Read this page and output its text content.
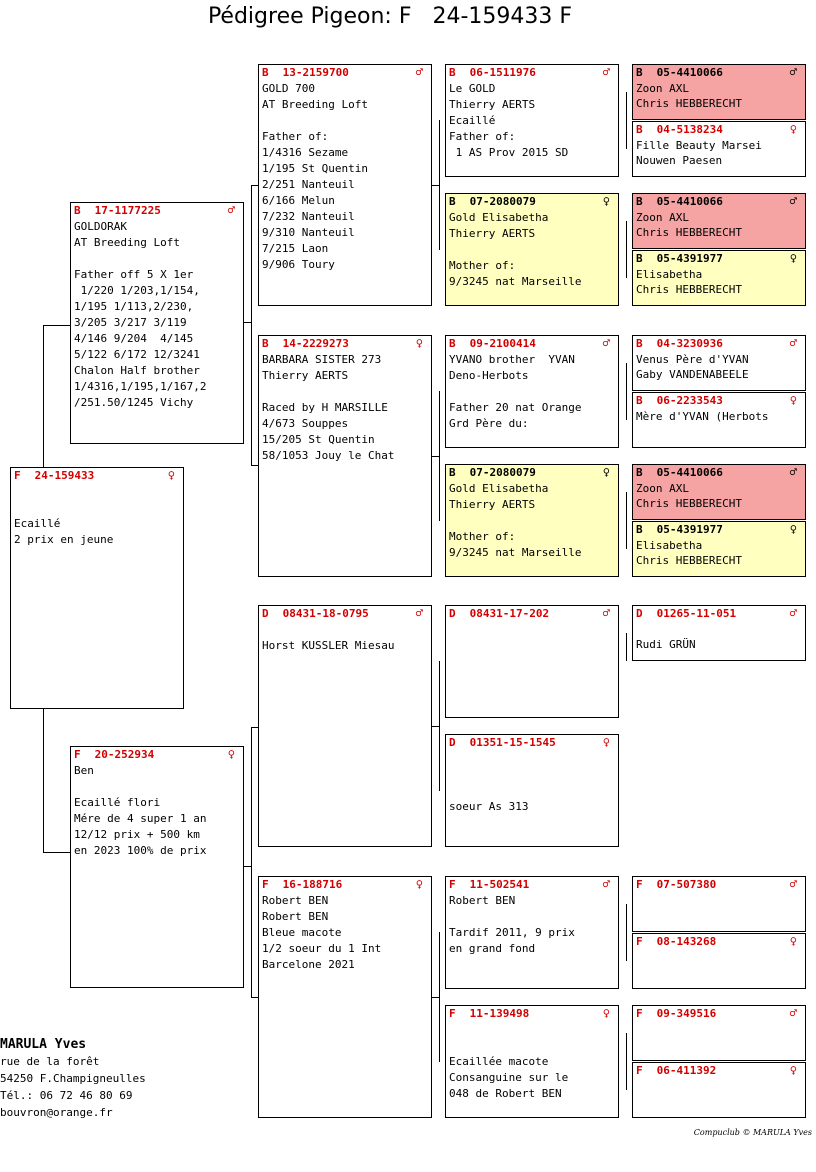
Pédigree Pigeon: F   24-159433 F
F 24-159433	♀
Ecaillé
2 prix en jeune
B 17-1177225	♂
GOLDORAK
AT Breeding Loft
Father off 5 X 1er
1/220 1/203,1/154,
1/195 1/113,2/230,
3/205 3/217 3/119
4/146 9/204  4/145
5/122 6/172 12/3241
Chalon Half brother
1/4316,1/195,1/167,2
/251.50/1245 Vichy
F 20-252934	♀
Ben
Ecaillé flori
Mére de 4 super 1 an
12/12 prix + 500 km
en 2023 100% de prix
B 13-2159700	♂
GOLD 700
AT Breeding Loft
Father of:
1/4316 Sezame
1/195 St Quentin
2/251 Nanteuil
6/166 Melun
7/232 Nanteuil
9/310 Nanteuil
7/215 Laon
9/906 Toury
B 14-2229273	♀
BARBARA SISTER 273
Thierry AERTS
Raced by H MARSILLE
4/673 Souppes
15/205 St Quentin
58/1053 Jouy le Chat
D 08431-18-0795	♂
Horst KUSSLER Miesau
F 16-188716	♀
Robert BEN
Robert BEN
Bleue macote
1/2 soeur du 1 Int
Barcelone 2021
B 06-1511976	♂
Le GOLD
Thierry AERTS
Ecaillé
Father of:
1 AS Prov 2015 SD
B 07-2080079	♀
Gold Elisabetha
Thierry AERTS
Mother of:
9/3245 nat Marseille
B 09-2100414	♂
YVANO brother  YVAN
Deno-Herbots
Father 20 nat Orange
Grd Père du:
B 07-2080079	♀
Gold Elisabetha
Thierry AERTS
Mother of:
9/3245 nat Marseille
D 08431-17-202	♂
D 01351-15-1545	♀
soeur As 313
F 11-502541	♂
Robert BEN
Tardif 2011, 9 prix
en grand fond
F 11-139498	♀
Ecaillée macote
Consanguine sur le
048 de Robert BEN
B 05-4410066	♂
Zoon AXL
Chris HEBBERECHT
B 04-5138234	♀
Fille Beauty Marsei
Nouwen Paesen
B 05-4410066	♂
Zoon AXL
Chris HEBBERECHT
B 05-4391977	♀
Elisabetha
Chris HEBBERECHT
B 04-3230936	♂
Venus Père d'YVAN
Gaby VANDENABEELE
B 06-2233543	♀
Mère d'YVAN (Herbots
B 05-4410066	♂
Zoon AXL
Chris HEBBERECHT
B 05-4391977	♀
Elisabetha
Chris HEBBERECHT
D 01265-11-051	♂
Rudi GRÜN
F 07-507380	♂
F 08-143268	♀
F 09-349516	♂
F 06-411392	♀
MARULA Yves
rue de la forêt
54250 F.Champigneulles
Tél.: 06 72 46 80 69
bouvron@orange.fr
Compuclub © MARULA Yves
